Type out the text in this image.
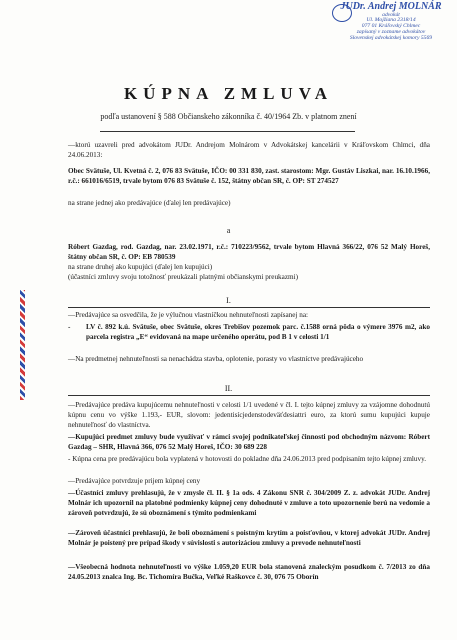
JUDr. Andrej MOLNÁR
advokát
Ul. Mojžiana 2318/14
077 01 Kráľovský Chlmec
zapísaný v zozname advokátov
Slovenskej advokátskej komory 5569
KÚPNA ZMLUVA
podľa ustanovení § 588 Občianskeho zákonníka č. 40/1964 Zb. v platnom znení
—ktorú uzavreli pred advokátom JUDr. Andrejom Molnárom v Advokátskej kancelárii v Kráľovskom Chlmci, dňa 24.06.2013:
Obec Svätuše, Ul. Kvetná č. 2, 076 83 Svätuše, IČO: 00 331 830, zast. starostom: Mgr. Gustáv Liszkai, nar. 16.10.1966, r.č.: 661016/6519, trvale bytom 076 83 Svätuše č. 152, štátny občan SR, č. OP: ST 274527
na strane jednej ako predávajúce (ďalej len predávajúce)
a
Róbert Gazdag, rod. Gazdag, nar. 23.02.1971, r.č.: 710223/9562, trvale bytom Hlavná 366/22, 076 52 Malý Horeš, štátny občan SR, č. OP: EB 780539
na strane druhej ako kupujúci (ďalej len kupujúci)
(účastníci zmluvy svoju totožnosť preukázali platnými občianskymi preukazmi)
I.
—Predávajúce sa osvedčila, že je výlučnou vlastníčkou nehnuteľnosti zapísanej na:
-	LV č. 892 k.ú. Svätuše, obec Svätuše, okres Trebišov pozemok parc. č.1588 orná pôda o výmere 3976 m2, ako parcela registra „E“ evidovaná na mape určeného operátu, pod B 1 v celosti 1/1
—Na predmetnej nehnuteľnosti sa nenachádza stavba, oplotenie, porasty vo vlastníctve predávajúceho
II.
—Predávajúce predáva kupujúcemu nehnuteľnosti v celosti 1/1 uvedené v čl. I. tejto kúpnej zmluvy za vzájomne dohodnutú kúpnu cenu vo výške 1.193,- EUR, slovom: jedentisícjedenstodeväťdesiattri euro, za ktorú sumu kupujúci kupuje nehnuteľnosť do vlastníctva.
—Kupujúci predmet zmluvy bude využívať v rámci svojej podnikateľskej činnosti pod obchodným názvom: Róbert Gazdag – SHR, Hlavná 366, 076 52 Malý Horeš, IČO: 30 689 228
- Kúpna cena pre predávajúcu bola vyplatená v hotovosti do pokladne dňa 24.06.2013 pred podpisaním tejto kúpnej zmluvy.
—Predávajúce potvrdzuje prijem kúpnej ceny
—Účastníci zmluvy prehlasujú, že v zmysle čl. II. § 1a ods. 4 Zákonu SNR č. 304/2009 Z. z. advokát JUDr. Andrej Molnár ich upozornil na platobné podmienky kúpnej ceny dohodnuté v zmluve a toto upozornenie berú na vedomie a zároveň potvrdzujú, že sú oboznámení s týmito podmienkami
—Zároveň účastníci prehlasujú, že boli oboznámení s poistným krytím a poisťovňou, v ktorej advokát JUDr. Andrej Molnár je poistený pre prípad škody v súvislosti s autorizáciou zmluvy a prevode nehnuteľnosti
—Všeobecná hodnota nehnuteľnosti vo výške 1.059,20 EUR bola stanovená znaleckým posudkom č. 7/2013 zo dňa 24.05.2013 znalca Ing. Bc. Tichomíra Bučka, Veľké Raškovce č. 30, 076 75 Oborín
